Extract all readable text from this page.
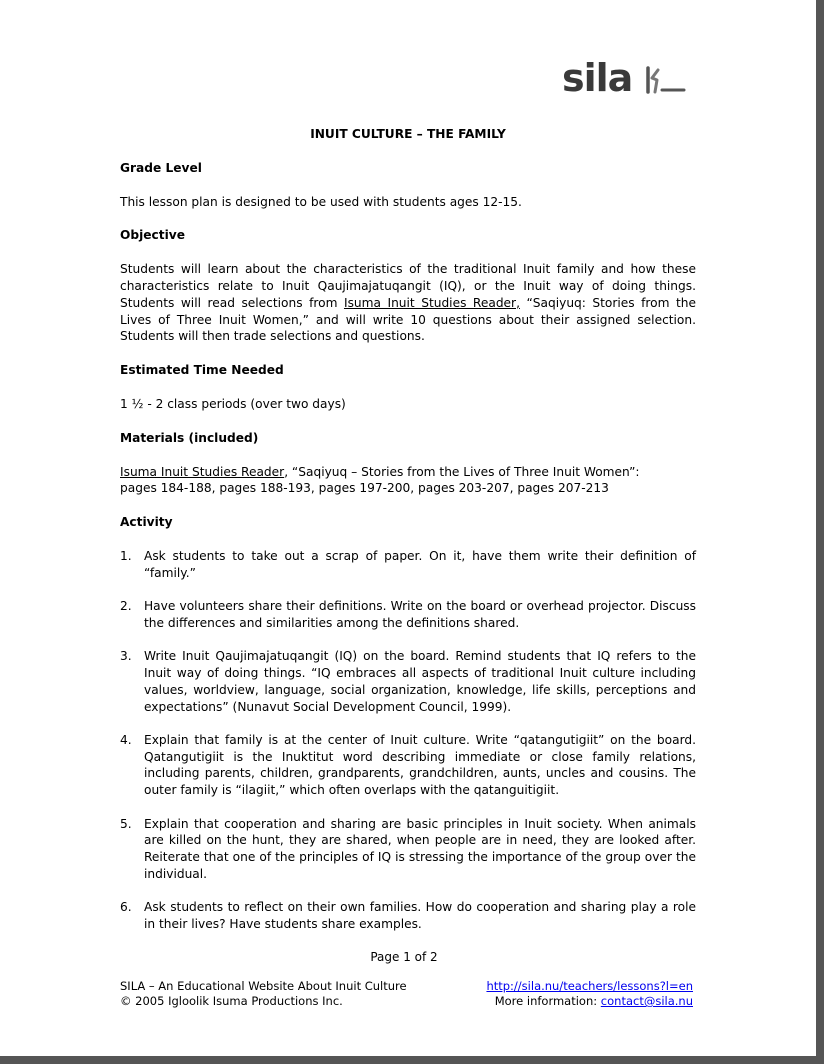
sila
INUIT CULTURE – THE FAMILY
Grade Level

This lesson plan is designed to be used with students ages 12-15.

Objective

Students will learn about the characteristics of the traditional Inuit family and how these characteristics relate to Inuit Qaujimajatuqangit (IQ), or the Inuit way of doing things. Students will read selections from Isuma Inuit Studies Reader, “Saqiyuq: Stories from the Lives of Three Inuit Women,” and will write 10 questions about their assigned selection. Students will then trade selections and questions.

Estimated Time Needed

1 ½ - 2 class periods (over two days)

Materials (included)

Isuma Inuit Studies Reader, “Saqiyuq – Stories from the Lives of Three Inuit Women”:
pages 184-188, pages 188-193, pages 197-200, pages 203-207, pages 207-213

Activity
1. Ask students to take out a scrap of paper. On it, have them write their definition of “family.”
2. Have volunteers share their definitions. Write on the board or overhead projector. Discuss the differences and similarities among the definitions shared.
3. Write Inuit Qaujimajatuqangit (IQ) on the board. Remind students that IQ refers to the Inuit way of doing things. “IQ embraces all aspects of traditional Inuit culture including values, worldview, language, social organization, knowledge, life skills, perceptions and expectations” (Nunavut Social Development Council, 1999).
4. Explain that family is at the center of Inuit culture. Write “qatangutigiit” on the board. Qatangutigiit is the Inuktitut word describing immediate or close family relations, including parents, children, grandparents, grandchildren, aunts, uncles and cousins. The outer family is “ilagiit,” which often overlaps with the qatanguitigiit.
5. Explain that cooperation and sharing are basic principles in Inuit society. When animals are killed on the hunt, they are shared, when people are in need, they are looked after. Reiterate that one of the principles of IQ is stressing the importance of the group over the individual.
6. Ask students to reflect on their own families. How do cooperation and sharing play a role in their lives? Have students share examples.
Page 1 of 2
SILA – An Educational Website About Inuit Culture
© 2005 Igloolik Isuma Productions Inc.
http://sila.nu/teachers/lessons?l=en
More information: contact@sila.nu
